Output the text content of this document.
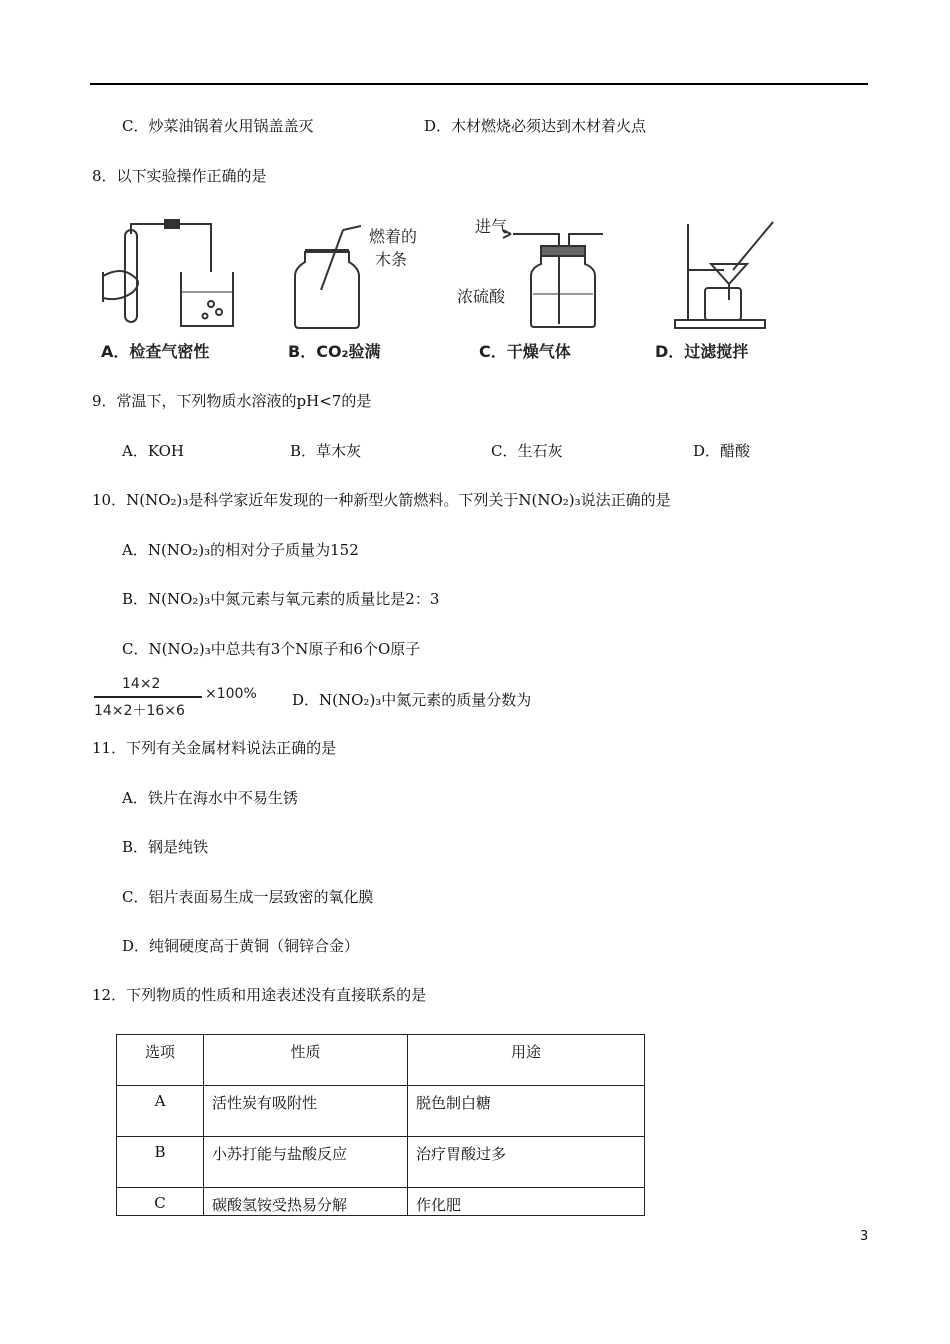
C．炒菜油锅着火用锅盖盖灭	D．木材燃烧必须达到木材着火点
8．以下实验操作正确的是
燃着的
木条
进气
浓硫酸
A．检查气密性	B．CO₂验满	C．干燥气体	D．过滤搅拌
9．常温下，下列物质水溶液的pH<7的是
A．KOH	B．草木灰	C．生石灰	D．醋酸
10．N(NO₂)₃是科学家近年发现的一种新型火箭燃料。下列关于N(NO₂)₃说法正确的是
A．N(NO₂)₃的相对分子质量为152
B．N(NO₂)₃中氮元素与氧元素的质量比是2：3
C．N(NO₂)₃中总共有3个N原子和6个O原子
14×2
14×2＋16×6
×100% D．N(NO₂)₃中氮元素的质量分数为
11．下列有关金属材料说法正确的是
A．铁片在海水中不易生锈
B．钢是纯铁
C．铝片表面易生成一层致密的氧化膜
D．纯铜硬度高于黄铜（铜锌合金）
12．下列物质的性质和用途表述没有直接联系的是
选项	性质	用途
A	活性炭有吸附性	脱色制白糖
B	小苏打能与盐酸反应	治疗胃酸过多
C	碳酸氢铵受热易分解	作化肥
3
